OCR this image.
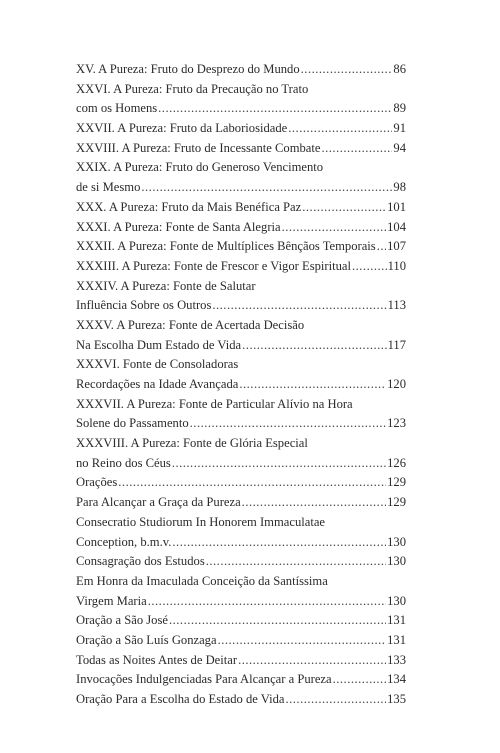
XV. A Pureza: Fruto do Desprezo do Mundo .....	86
XXVI. A Pureza: Fruto da Precaução no Trato
com os Homens .....	89
XXVII. A Pureza: Fruto da Laboriosidade .....	91
XXVIII. A Pureza: Fruto de Incessante Combate .....	94
XXIX. A Pureza: Fruto do Generoso Vencimento
de si Mesmo .....	98
XXX. A Pureza: Fruto da Mais Benéfica Paz .....	101
XXXI. A Pureza: Fonte de Santa Alegria .....	104
XXXII. A Pureza: Fonte de Multíplices Bênçãos Temporais ..... 107
XXXIII. A Pureza: Fonte de Frescor e Vigor Espiritual .....	110
XXXIV. A Pureza: Fonte de Salutar
Influência Sobre os Outros .....	113
XXXV. A Pureza: Fonte de Acertada Decisão
Na Escolha Dum Estado de Vida .....	117
XXXVI. Fonte de Consoladoras
Recordações na Idade Avançada .....	120
XXXVII. A Pureza: Fonte de Particular Alívio na Hora
Solene do Passamento .....	123
XXXVIII. A Pureza: Fonte de Glória Especial
no Reino dos Céus .....	126
Orações .....	129
Para Alcançar a Graça da Pureza .....	129
Consecratio Studiorum In Honorem Immaculatae
Conception, b.m.v. .....	130
Consagração dos Estudos .....	130
Em Honra da Imaculada Conceição da Santíssima
Virgem Maria .....	130
Oração a São José .....	131
Oração a São Luís Gonzaga .....	131
Todas as Noites Antes de Deitar .....	133
Invocações Indulgenciadas Para Alcançar a Pureza .....	134
Oração Para a Escolha do Estado de Vida .....	135
